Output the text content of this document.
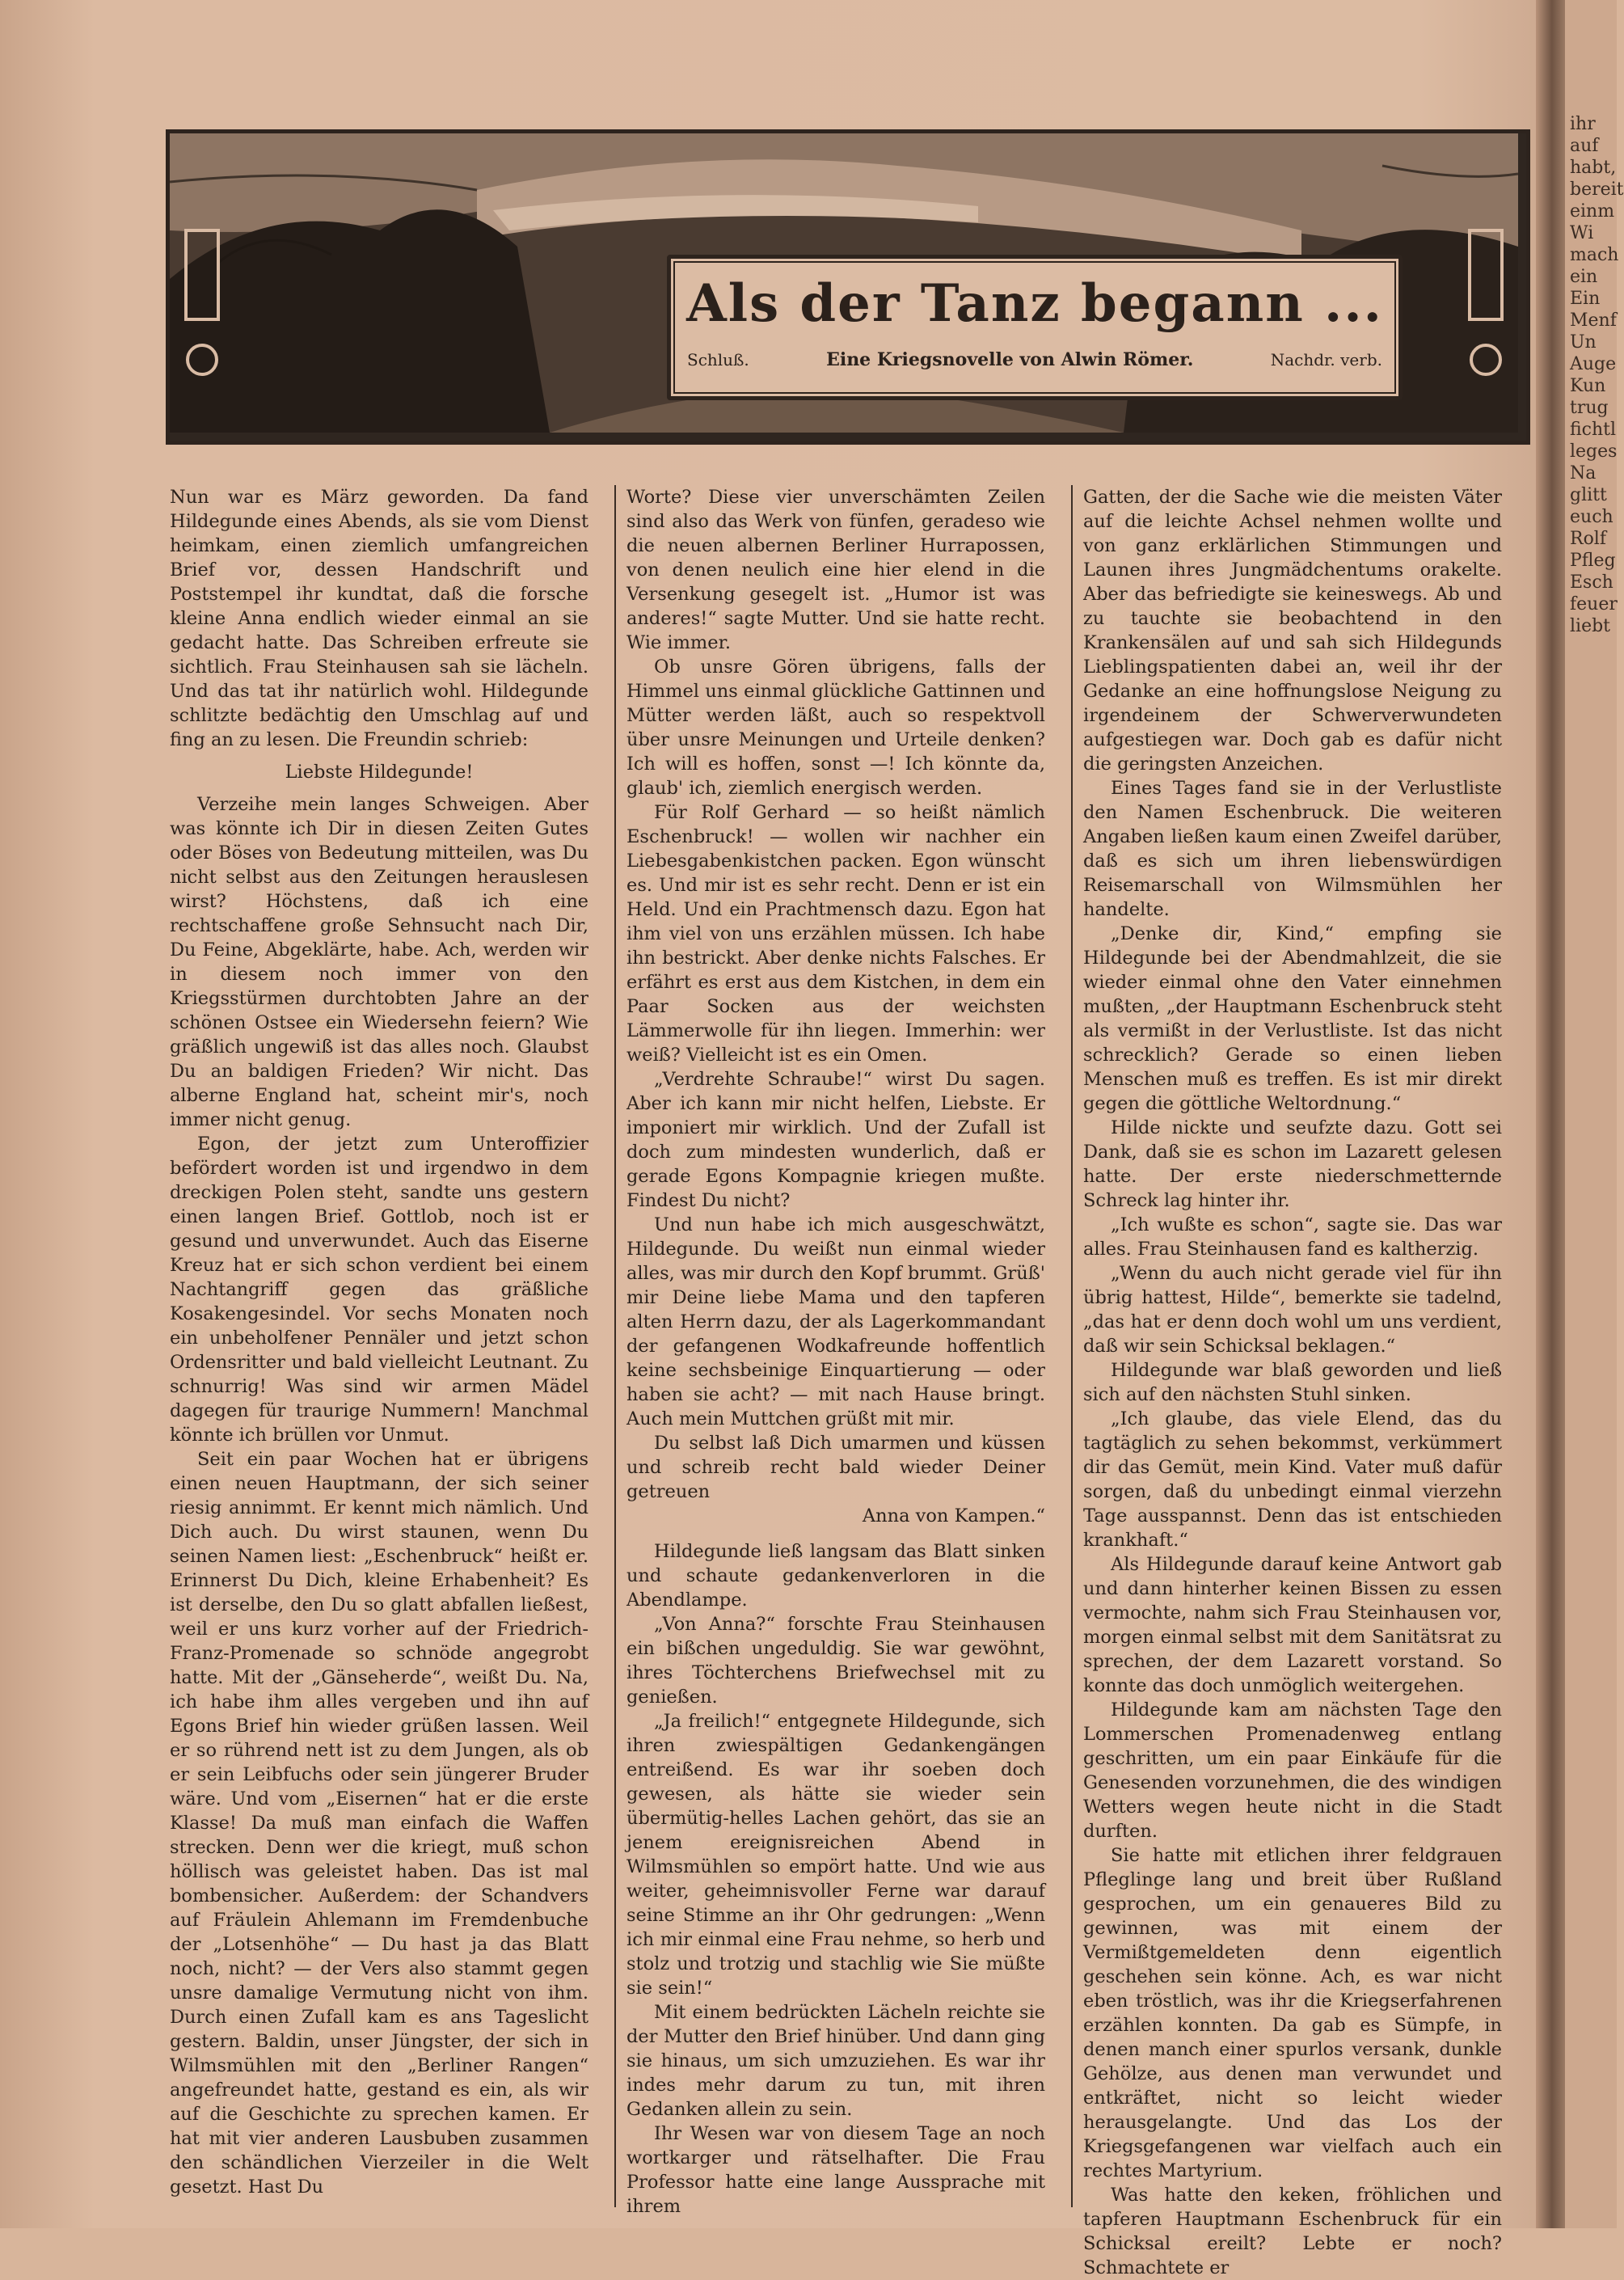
Als der Tanz begann ...
Schluß.	Eine Kriegsnovelle von Alwin Römer.	Nachdr. verb.

Nun war es März geworden. Da fand Hildegunde eines Abends, als sie vom Dienst heimkam, einen ziemlich umfangreichen Brief vor, dessen Handschrift und Poststempel ihr kundtat, daß die forsche kleine Anna endlich wieder einmal an sie gedacht hatte. Das Schreiben erfreute sie sichtlich. Frau Steinhausen sah sie lächeln. Und das tat ihr natürlich wohl. Hildegunde schlitzte bedächtig den Umschlag auf und fing an zu lesen. Die Freundin schrieb:

Liebste Hildegunde!

Verzeihe mein langes Schweigen. Aber was könnte ich Dir in diesen Zeiten Gutes oder Böses von Bedeutung mitteilen, was Du nicht selbst aus den Zeitungen herauslesen wirst? Höchstens, daß ich eine rechtschaffene große Sehnsucht nach Dir, Du Feine, Abgeklärte, habe. Ach, werden wir in diesem noch immer von den Kriegsstürmen durchtobten Jahre an der schönen Ostsee ein Wiedersehn feiern? Wie gräßlich ungewiß ist das alles noch. Glaubst Du an baldigen Frieden? Wir nicht. Das alberne England hat, scheint mir's, noch immer nicht genug.

Egon, der jetzt zum Unteroffizier befördert worden ist und irgendwo in dem dreckigen Polen steht, sandte uns gestern einen langen Brief. Gottlob, noch ist er gesund und unverwundet. Auch das Eiserne Kreuz hat er sich schon verdient bei einem Nachtangriff gegen das gräßliche Kosakengesindel. Vor sechs Monaten noch ein unbeholfener Pennäler und jetzt schon Ordensritter und bald vielleicht Leutnant. Zu schnurrig! Was sind wir armen Mädel dagegen für traurige Nummern! Manchmal könnte ich brüllen vor Unmut.

Seit ein paar Wochen hat er übrigens einen neuen Hauptmann, der sich seiner riesig annimmt. Er kennt mich nämlich. Und Dich auch. Du wirst staunen, wenn Du seinen Namen liest: „Eschenbruck“ heißt er. Erinnerst Du Dich, kleine Erhabenheit? Es ist derselbe, den Du so glatt abfallen ließest, weil er uns kurz vorher auf der Friedrich-Franz-Promenade so schnöde angegrobt hatte. Mit der „Gänseherde“, weißt Du. Na, ich habe ihm alles vergeben und ihn auf Egons Brief hin wieder grüßen lassen. Weil er so rührend nett ist zu dem Jungen, als ob er sein Leibfuchs oder sein jüngerer Bruder wäre. Und vom „Eisernen“ hat er die erste Klasse! Da muß man einfach die Waffen strecken. Denn wer die kriegt, muß schon höllisch was geleistet haben. Das ist mal bombensicher. Außerdem: der Schandvers auf Fräulein Ahlemann im Fremdenbuche der „Lotsenhöhe“ — Du hast ja das Blatt noch, nicht? — der Vers also stammt gegen unsre damalige Vermutung nicht von ihm. Durch einen Zufall kam es ans Tageslicht gestern. Baldin, unser Jüngster, der sich in Wilmsmühlen mit den „Berliner Rangen“ angefreundet hatte, gestand es ein, als wir auf die Geschichte zu sprechen kamen. Er hat mit vier anderen Lausbuben zusammen den schändlichen Vierzeiler in die Welt gesetzt. Hast Du

Worte? Diese vier unverschämten Zeilen sind also das Werk von fünfen, geradeso wie die neuen albernen Berliner Hurrapossen, von denen neulich eine hier elend in die Versenkung gesegelt ist. „Humor ist was anderes!“ sagte Mutter. Und sie hatte recht. Wie immer.

Ob unsre Gören übrigens, falls der Himmel uns einmal glückliche Gattinnen und Mütter werden läßt, auch so respektvoll über unsre Meinungen und Urteile denken? Ich will es hoffen, sonst —! Ich könnte da, glaub' ich, ziemlich energisch werden.

Für Rolf Gerhard — so heißt nämlich Eschenbruck! — wollen wir nachher ein Liebesgabenkistchen packen. Egon wünscht es. Und mir ist es sehr recht. Denn er ist ein Held. Und ein Prachtmensch dazu. Egon hat ihm viel von uns erzählen müssen. Ich habe ihn bestrickt. Aber denke nichts Falsches. Er erfährt es erst aus dem Kistchen, in dem ein Paar Socken aus der weichsten Lämmerwolle für ihn liegen. Immerhin: wer weiß? Vielleicht ist es ein Omen.

„Verdrehte Schraube!“ wirst Du sagen. Aber ich kann mir nicht helfen, Liebste. Er imponiert mir wirklich. Und der Zufall ist doch zum mindesten wunderlich, daß er gerade Egons Kompagnie kriegen mußte. Findest Du nicht?

Und nun habe ich mich ausgeschwätzt, Hildegunde. Du weißt nun einmal wieder alles, was mir durch den Kopf brummt. Grüß' mir Deine liebe Mama und den tapferen alten Herrn dazu, der als Lagerkommandant der gefangenen Wodkafreunde hoffentlich keine sechsbeinige Einquartierung — oder haben sie acht? — mit nach Hause bringt. Auch mein Muttchen grüßt mit mir.

Du selbst laß Dich umarmen und küssen und schreib recht bald wieder Deiner getreuen

Anna von Kampen.“

Hildegunde ließ langsam das Blatt sinken und schaute gedankenverloren in die Abendlampe.

„Von Anna?“ forschte Frau Steinhausen ein bißchen ungeduldig. Sie war gewöhnt, ihres Töchterchens Briefwechsel mit zu genießen.

„Ja freilich!“ entgegnete Hildegunde, sich ihren zwiespältigen Gedankengängen entreißend. Es war ihr soeben doch gewesen, als hätte sie wieder sein übermütig-helles Lachen gehört, das sie an jenem ereignisreichen Abend in Wilmsmühlen so empört hatte. Und wie aus weiter, geheimnisvoller Ferne war darauf seine Stimme an ihr Ohr gedrungen: „Wenn ich mir einmal eine Frau nehme, so herb und stolz und trotzig und stachlig wie Sie müßte sie sein!“

Mit einem bedrückten Lächeln reichte sie der Mutter den Brief hinüber. Und dann ging sie hinaus, um sich umzuziehen. Es war ihr indes mehr darum zu tun, mit ihren Gedanken allein zu sein.

Ihr Wesen war von diesem Tage an noch wortkarger und rätselhafter. Die Frau Professor hatte eine lange Aussprache mit ihrem

Gatten, der die Sache wie die meisten Väter auf die leichte Achsel nehmen wollte und von ganz erklärlichen Stimmungen und Launen ihres Jungmädchentums orakelte. Aber das befriedigte sie keineswegs. Ab und zu tauchte sie beobachtend in den Krankensälen auf und sah sich Hildegunds Lieblingspatienten dabei an, weil ihr der Gedanke an eine hoffnungslose Neigung zu irgendeinem der Schwerverwundeten aufgestiegen war. Doch gab es dafür nicht die geringsten Anzeichen.

Eines Tages fand sie in der Verlustliste den Namen Eschenbruck. Die weiteren Angaben ließen kaum einen Zweifel darüber, daß es sich um ihren liebenswürdigen Reisemarschall von Wilmsmühlen her handelte.

„Denke dir, Kind,“ empfing sie Hildegunde bei der Abendmahlzeit, die sie wieder einmal ohne den Vater einnehmen mußten, „der Hauptmann Eschenbruck steht als vermißt in der Verlustliste. Ist das nicht schrecklich? Gerade so einen lieben Menschen muß es treffen. Es ist mir direkt gegen die göttliche Weltordnung.“

Hilde nickte und seufzte dazu. Gott sei Dank, daß sie es schon im Lazarett gelesen hatte. Der erste niederschmetternde Schreck lag hinter ihr.

„Ich wußte es schon“, sagte sie. Das war alles. Frau Steinhausen fand es kaltherzig.

„Wenn du auch nicht gerade viel für ihn übrig hattest, Hilde“, bemerkte sie tadelnd, „das hat er denn doch wohl um uns verdient, daß wir sein Schicksal beklagen.“

Hildegunde war blaß geworden und ließ sich auf den nächsten Stuhl sinken.

„Ich glaube, das viele Elend, das du tagtäglich zu sehen bekommst, verkümmert dir das Gemüt, mein Kind. Vater muß dafür sorgen, daß du unbedingt einmal vierzehn Tage ausspannst. Denn das ist entschieden krankhaft.“

Als Hildegunde darauf keine Antwort gab und dann hinterher keinen Bissen zu essen vermochte, nahm sich Frau Steinhausen vor, morgen einmal selbst mit dem Sanitätsrat zu sprechen, der dem Lazarett vorstand. So konnte das doch unmöglich weitergehen.

Hildegunde kam am nächsten Tage den Lommerschen Promenadenweg entlang geschritten, um ein paar Einkäufe für die Genesenden vorzunehmen, die des windigen Wetters wegen heute nicht in die Stadt durften.

Sie hatte mit etlichen ihrer feldgrauen Pfleglinge lang und breit über Rußland gesprochen, um ein genaueres Bild zu gewinnen, was mit einem der Vermißtgemeldeten denn eigentlich geschehen sein könne. Ach, es war nicht eben tröstlich, was ihr die Kriegserfahrenen erzählen konnten. Da gab es Sümpfe, in denen manch einer spurlos versank, dunkle Gehölze, aus denen man verwundet und entkräftet, nicht so leicht wieder herausgelangte. Und das Los der Kriegsgefangenen war vielfach auch ein rechtes Martyrium.

Was hatte den keken, fröhlichen und tapferen Hauptmann Eschenbruck für ein Schicksal ereilt? Lebte er noch? Schmachtete er

ihr
auf
habt,
bereit
einm
Wi
mach
ein
Ein
Menf
Un
Auge
Kun
trug
fichtl
leges
Na
glitt
euch
Rolf
Pfleg
Esch
feuer
liebt
